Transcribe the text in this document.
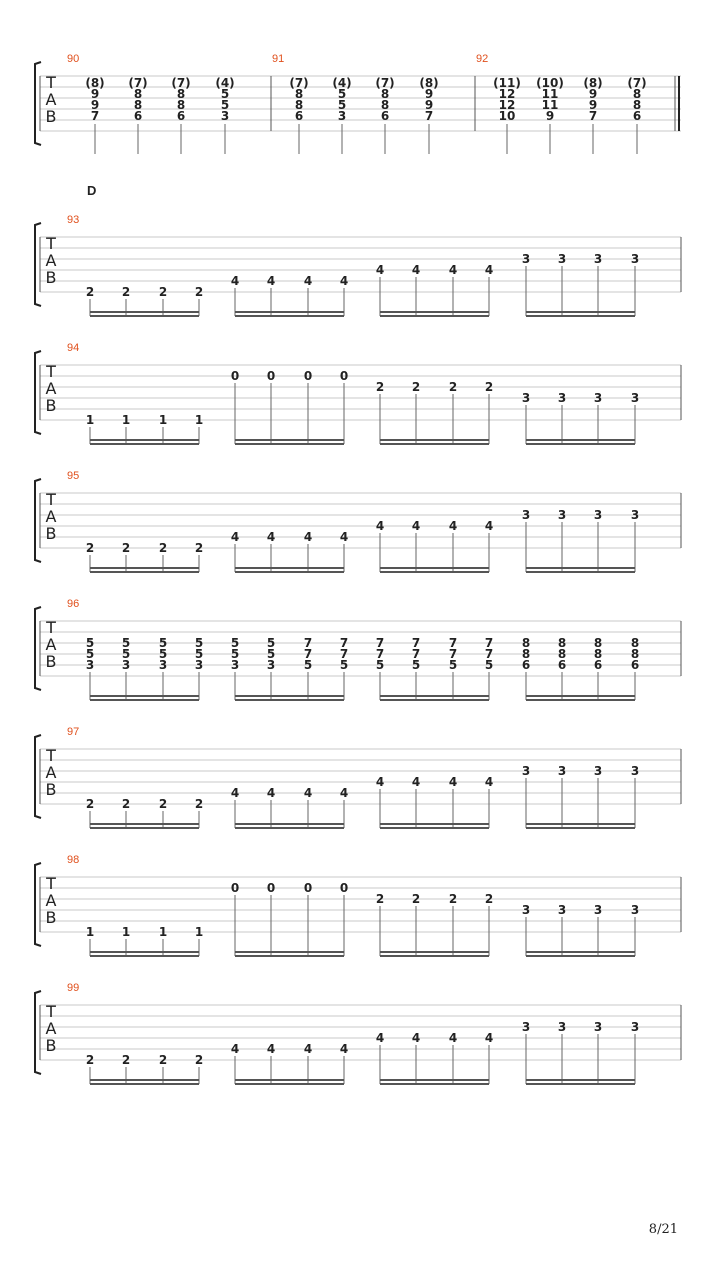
D
T
A
B
90
(8)
9
9
7
(7)
8
8
6
(7)
8
8
6
(4)
5
5
3
91
(7)
8
8
6
(4)
5
5
3
(7)
8
8
6
(8)
9
9
7
92
(11)
12
12
10
(10)
11
11
9
(8)
9
9
7
(7)
8
8
6
T
A
B
93
2 2 2 2
4 4 4 4
4 4 4 4
3 3 3 3
T
A
B
94
1 1 1 1
0 0 0 0
2 2 2 2
3 3 3 3
T
A
B
95
2 2 2 2
4 4 4 4
4 4 4 4
3 3 3 3
T
A
B
96
5
5
3
5
5
3
5
5
3
5
5
3
5
5
3
5
5
3
7
7
5
7
7
5
7
7
5
7
7
5
7
7
5
7
7
5
8
8
6
8
8
6
8
8
6
8
8
6
T
A
B
97
2 2 2 2
4 4 4 4
4 4 4 4
3 3 3 3
T
A
B
98
1 1 1 1
0 0 0 0
2 2 2 2
3 3 3 3
T
A
B
99
2 2 2 2
4 4 4 4
4 4 4 4
3 3 3 3
8/21
